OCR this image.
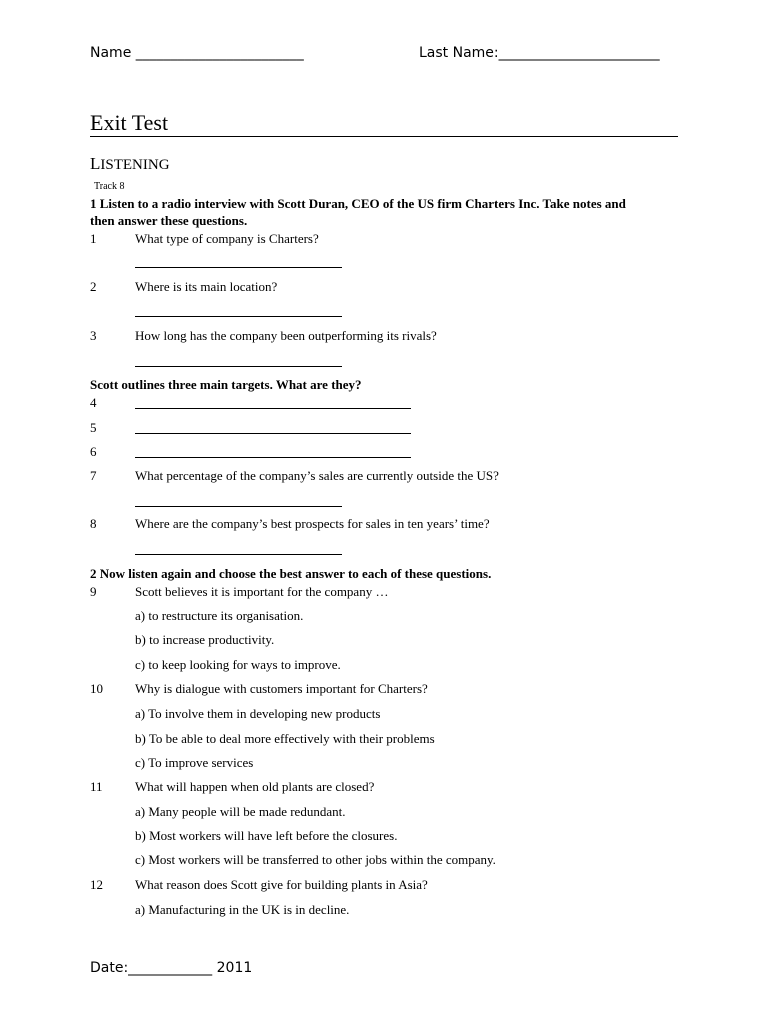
Name ________________________	Last Name:_______________________
Exit Test
LISTENING
Track 8
1 Listen to a radio interview with Scott Duran, CEO of the US firm Charters Inc. Take notes and
then answer these questions.
1	What type of company is Charters?
2	Where is its main location?
3	How long has the company been outperforming its rivals?
Scott outlines three main targets. What are they?
4
5
6
7	What percentage of the company’s sales are currently outside the US?
8	Where are the company’s best prospects for sales in ten years’ time?
2 Now listen again and choose the best answer to each of these questions.
9	Scott believes it is important for the company …
a) to restructure its organisation.
b) to increase productivity.
c) to keep looking for ways to improve.
10 Why is dialogue with customers important for Charters?
a) To involve them in developing new products
b) To be able to deal more effectively with their problems
c) To improve services
11 What will happen when old plants are closed?
a) Many people will be made redundant.
b) Most workers will have left before the closures.
c) Most workers will be transferred to other jobs within the company.
12 What reason does Scott give for building plants in Asia?
a) Manufacturing in the UK is in decline.
Date:____________ 2011
